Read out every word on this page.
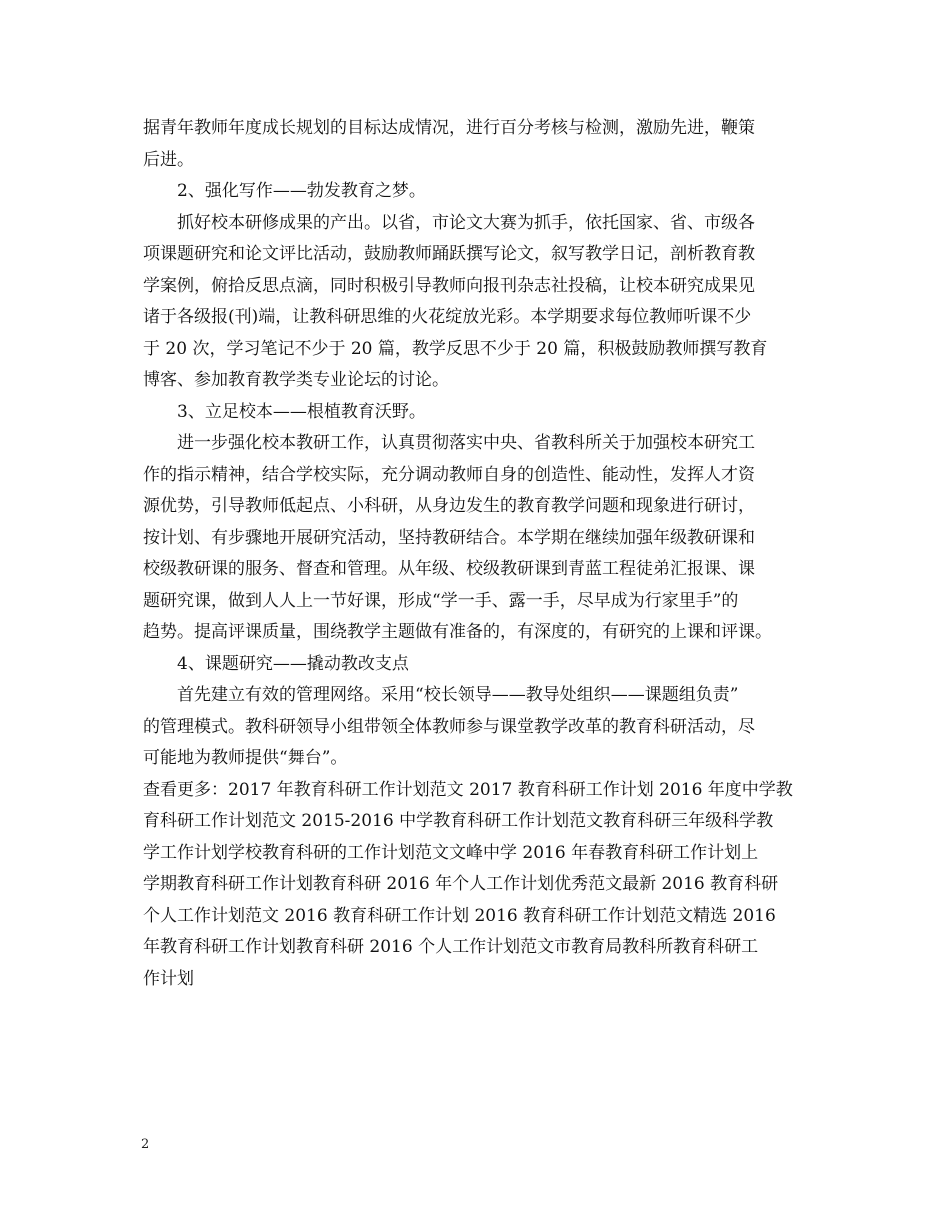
据青年教师年度成长规划的目标达成情况，进行百分考核与检测，激励先进，鞭策
后进。
2、强化写作——勃发教育之梦。
抓好校本研修成果的产出。以省，市论文大赛为抓手，依托国家、省、市级各
项课题研究和论文评比活动，鼓励教师踊跃撰写论文，叙写教学日记，剖析教育教
学案例，俯拾反思点滴，同时积极引导教师向报刊杂志社投稿，让校本研究成果见
诸于各级报(刊)端，让教科研思维的火花绽放光彩。本学期要求每位教师听课不少
于 20 次，学习笔记不少于 20 篇，教学反思不少于 20 篇，积极鼓励教师撰写教育
博客、参加教育教学类专业论坛的讨论。
3、立足校本——根植教育沃野。
进一步强化校本教研工作，认真贯彻落实中央、省教科所关于加强校本研究工
作的指示精神，结合学校实际，充分调动教师自身的创造性、能动性，发挥人才资
源优势，引导教师低起点、小科研，从身边发生的教育教学问题和现象进行研讨，
按计划、有步骤地开展研究活动，坚持教研结合。本学期在继续加强年级教研课和
校级教研课的服务、督查和管理。从年级、校级教研课到青蓝工程徒弟汇报课、课
题研究课，做到人人上一节好课，形成“学一手、露一手，尽早成为行家里手”的
趋势。提高评课质量，围绕教学主题做有准备的，有深度的，有研究的上课和评课。
4、课题研究——撬动教改支点
首先建立有效的管理网络。采用“校长领导——教导处组织——课题组负责”
的管理模式。教科研领导小组带领全体教师参与课堂教学改革的教育科研活动，尽
可能地为教师提供“舞台”。
查看更多：2017 年教育科研工作计划范文 2017 教育科研工作计划 2016 年度中学教
育科研工作计划范文 2015-2016 中学教育科研工作计划范文教育科研三年级科学教
学工作计划学校教育科研的工作计划范文文峰中学 2016 年春教育科研工作计划上
学期教育科研工作计划教育科研 2016 年个人工作计划优秀范文最新 2016 教育科研
个人工作计划范文 2016 教育科研工作计划 2016 教育科研工作计划范文精选 2016
年教育科研工作计划教育科研 2016 个人工作计划范文市教育局教科所教育科研工
作计划
2
